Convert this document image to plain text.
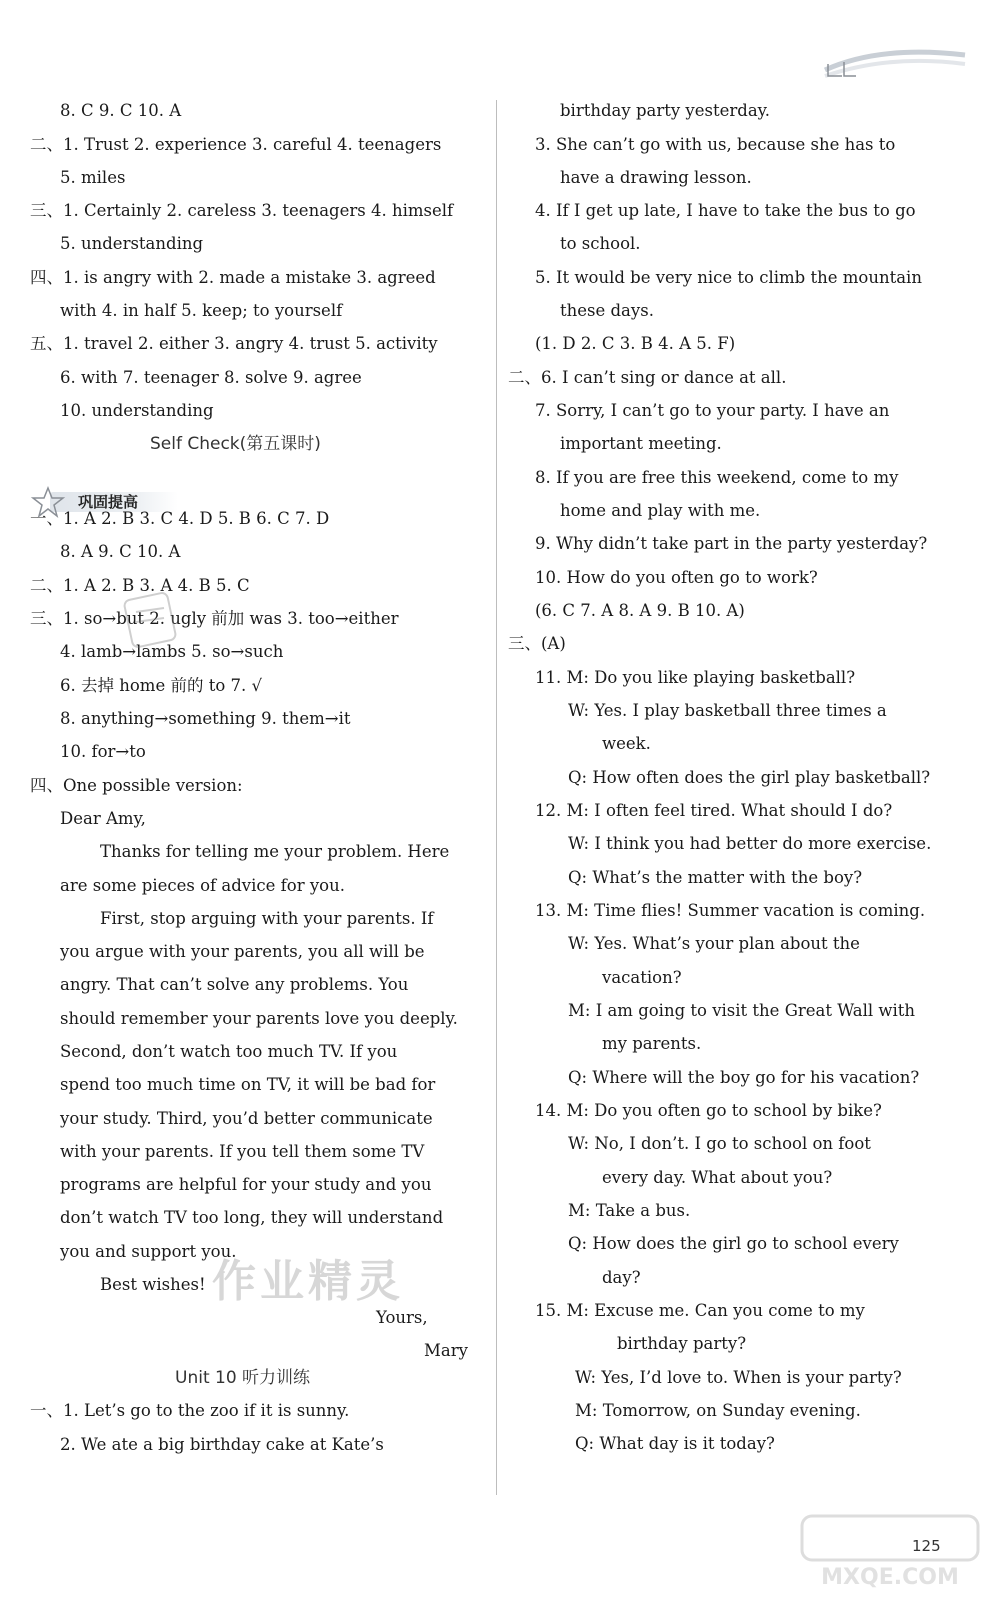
8. C 9. C 10. A
二、1. Trust 2. experience 3. careful 4. teenagers
5. miles
三、1. Certainly 2. careless 3. teenagers 4. himself
5. understanding
四、1. is angry with 2. made a mistake 3. agreed
with 4. in half 5. keep; to yourself
五、1. travel 2. either 3. angry 4. trust 5. activity
6. with 7. teenager 8. solve 9. agree
10. understanding
Self Check(第五课时)
巩固提高
一、1. A 2. B 3. C 4. D 5. B 6. C 7. D
8. A 9. C 10. A
二、1. A 2. B 3. A 4. B 5. C
三、1. so→but 2. ugly 前加 was 3. too→either
4. lamb→lambs 5. so→such
6. 去掉 home 前的 to 7. √
8. anything→something 9. them→it
10. for→to
四、One possible version:
Dear Amy,
Thanks for telling me your problem. Here
are some pieces of advice for you.
First, stop arguing with your parents. If
you argue with your parents, you all will be
angry. That can’t solve any problems. You
should remember your parents love you deeply.
Second, don’t watch too much TV. If you
spend too much time on TV, it will be bad for
your study. Third, you’d better communicate
with your parents. If you tell them some TV
programs are helpful for your study and you
don’t watch TV too long, they will understand
you and support you.
Best wishes!
Yours,
Mary
Unit 10 听力训练
一、1. Let’s go to the zoo if it is sunny.
2. We ate a big birthday cake at Kate’s
birthday party yesterday.
3. She can’t go with us, because she has to
have a drawing lesson.
4. If I get up late, I have to take the bus to go
to school.
5. It would be very nice to climb the mountain
these days.
(1. D 2. C 3. B 4. A 5. F)
二、6. I can’t sing or dance at all.
7. Sorry, I can’t go to your party. I have an
important meeting.
8. If you are free this weekend, come to my
home and play with me.
9. Why didn’t take part in the party yesterday?
10. How do you often go to work?
(6. C 7. A 8. A 9. B 10. A)
三、(A)
11. M: Do you like playing basketball?
W: Yes. I play basketball three times a
week.
Q: How often does the girl play basketball?
12. M: I often feel tired. What should I do?
W: I think you had better do more exercise.
Q: What’s the matter with the boy?
13. M: Time flies! Summer vacation is coming.
W: Yes. What’s your plan about the
vacation?
M: I am going to visit the Great Wall with
my parents.
Q: Where will the boy go for his vacation?
14. M: Do you often go to school by bike?
W: No, I don’t. I go to school on foot
every day. What about you?
M: Take a bus.
Q: How does the girl go to school every
day?
15. M: Excuse me. Can you come to my
birthday party?
W: Yes, I’d love to. When is your party?
M: Tomorrow, on Sunday evening.
Q: What day is it today?
作业精灵
MXQE.COM
125
